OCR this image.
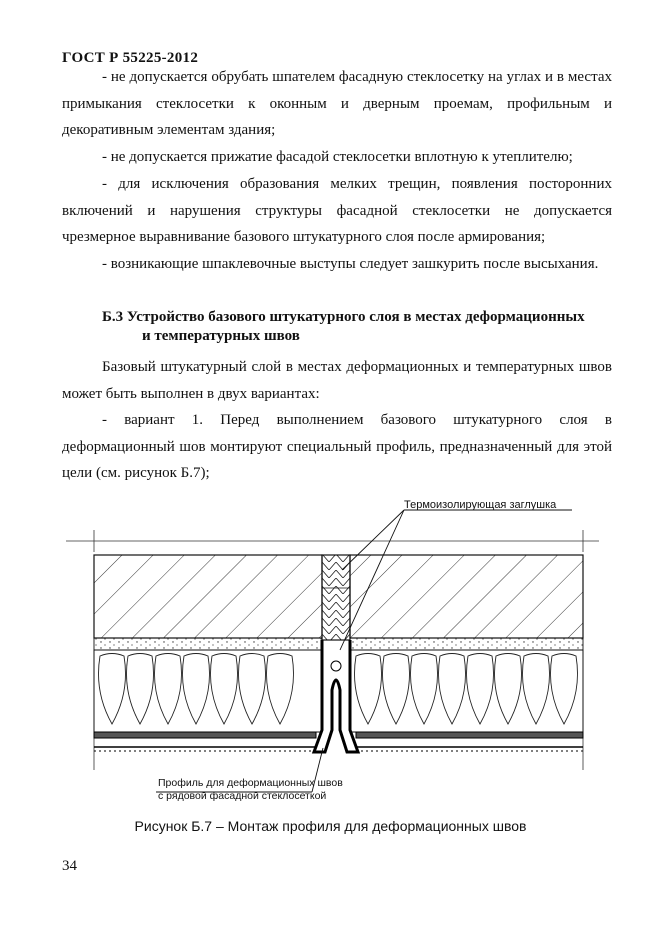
ГОСТ Р 55225-2012

- не допускается обрубать шпателем фасадную стеклосетку на углах и в местах примыкания стеклосетки к оконным и дверным проемам, профильным и декоративным элементам здания;

- не допускается прижатие фасадой стеклосетки вплотную к утеплителю;

- для исключения образования мелких трещин, появления посторонних включений и нарушения структуры фасадной стеклосетки не допускается чрезмерное выравнивание базового штукатурного слоя после армирования;

- возникающие шпаклевочные выступы следует зашкурить после высыхания.

Б.3 Устройство базового штукатурного слоя в местах деформационных
и температурных швов

Базовый штукатурный слой в местах деформационных и температурных швов может быть выполнен в двух вариантах:

- вариант 1. Перед выполнением базового штукатурного слоя в деформационный шов монтируют специальный профиль, предназначенный для этой цели (см. рисунок Б.7);

Термоизолирующая заглушка
Профиль для деформационных швов
с рядовой фасадной стеклосеткой
Рисунок Б.7 – Монтаж профиля для деформационных швов
34
